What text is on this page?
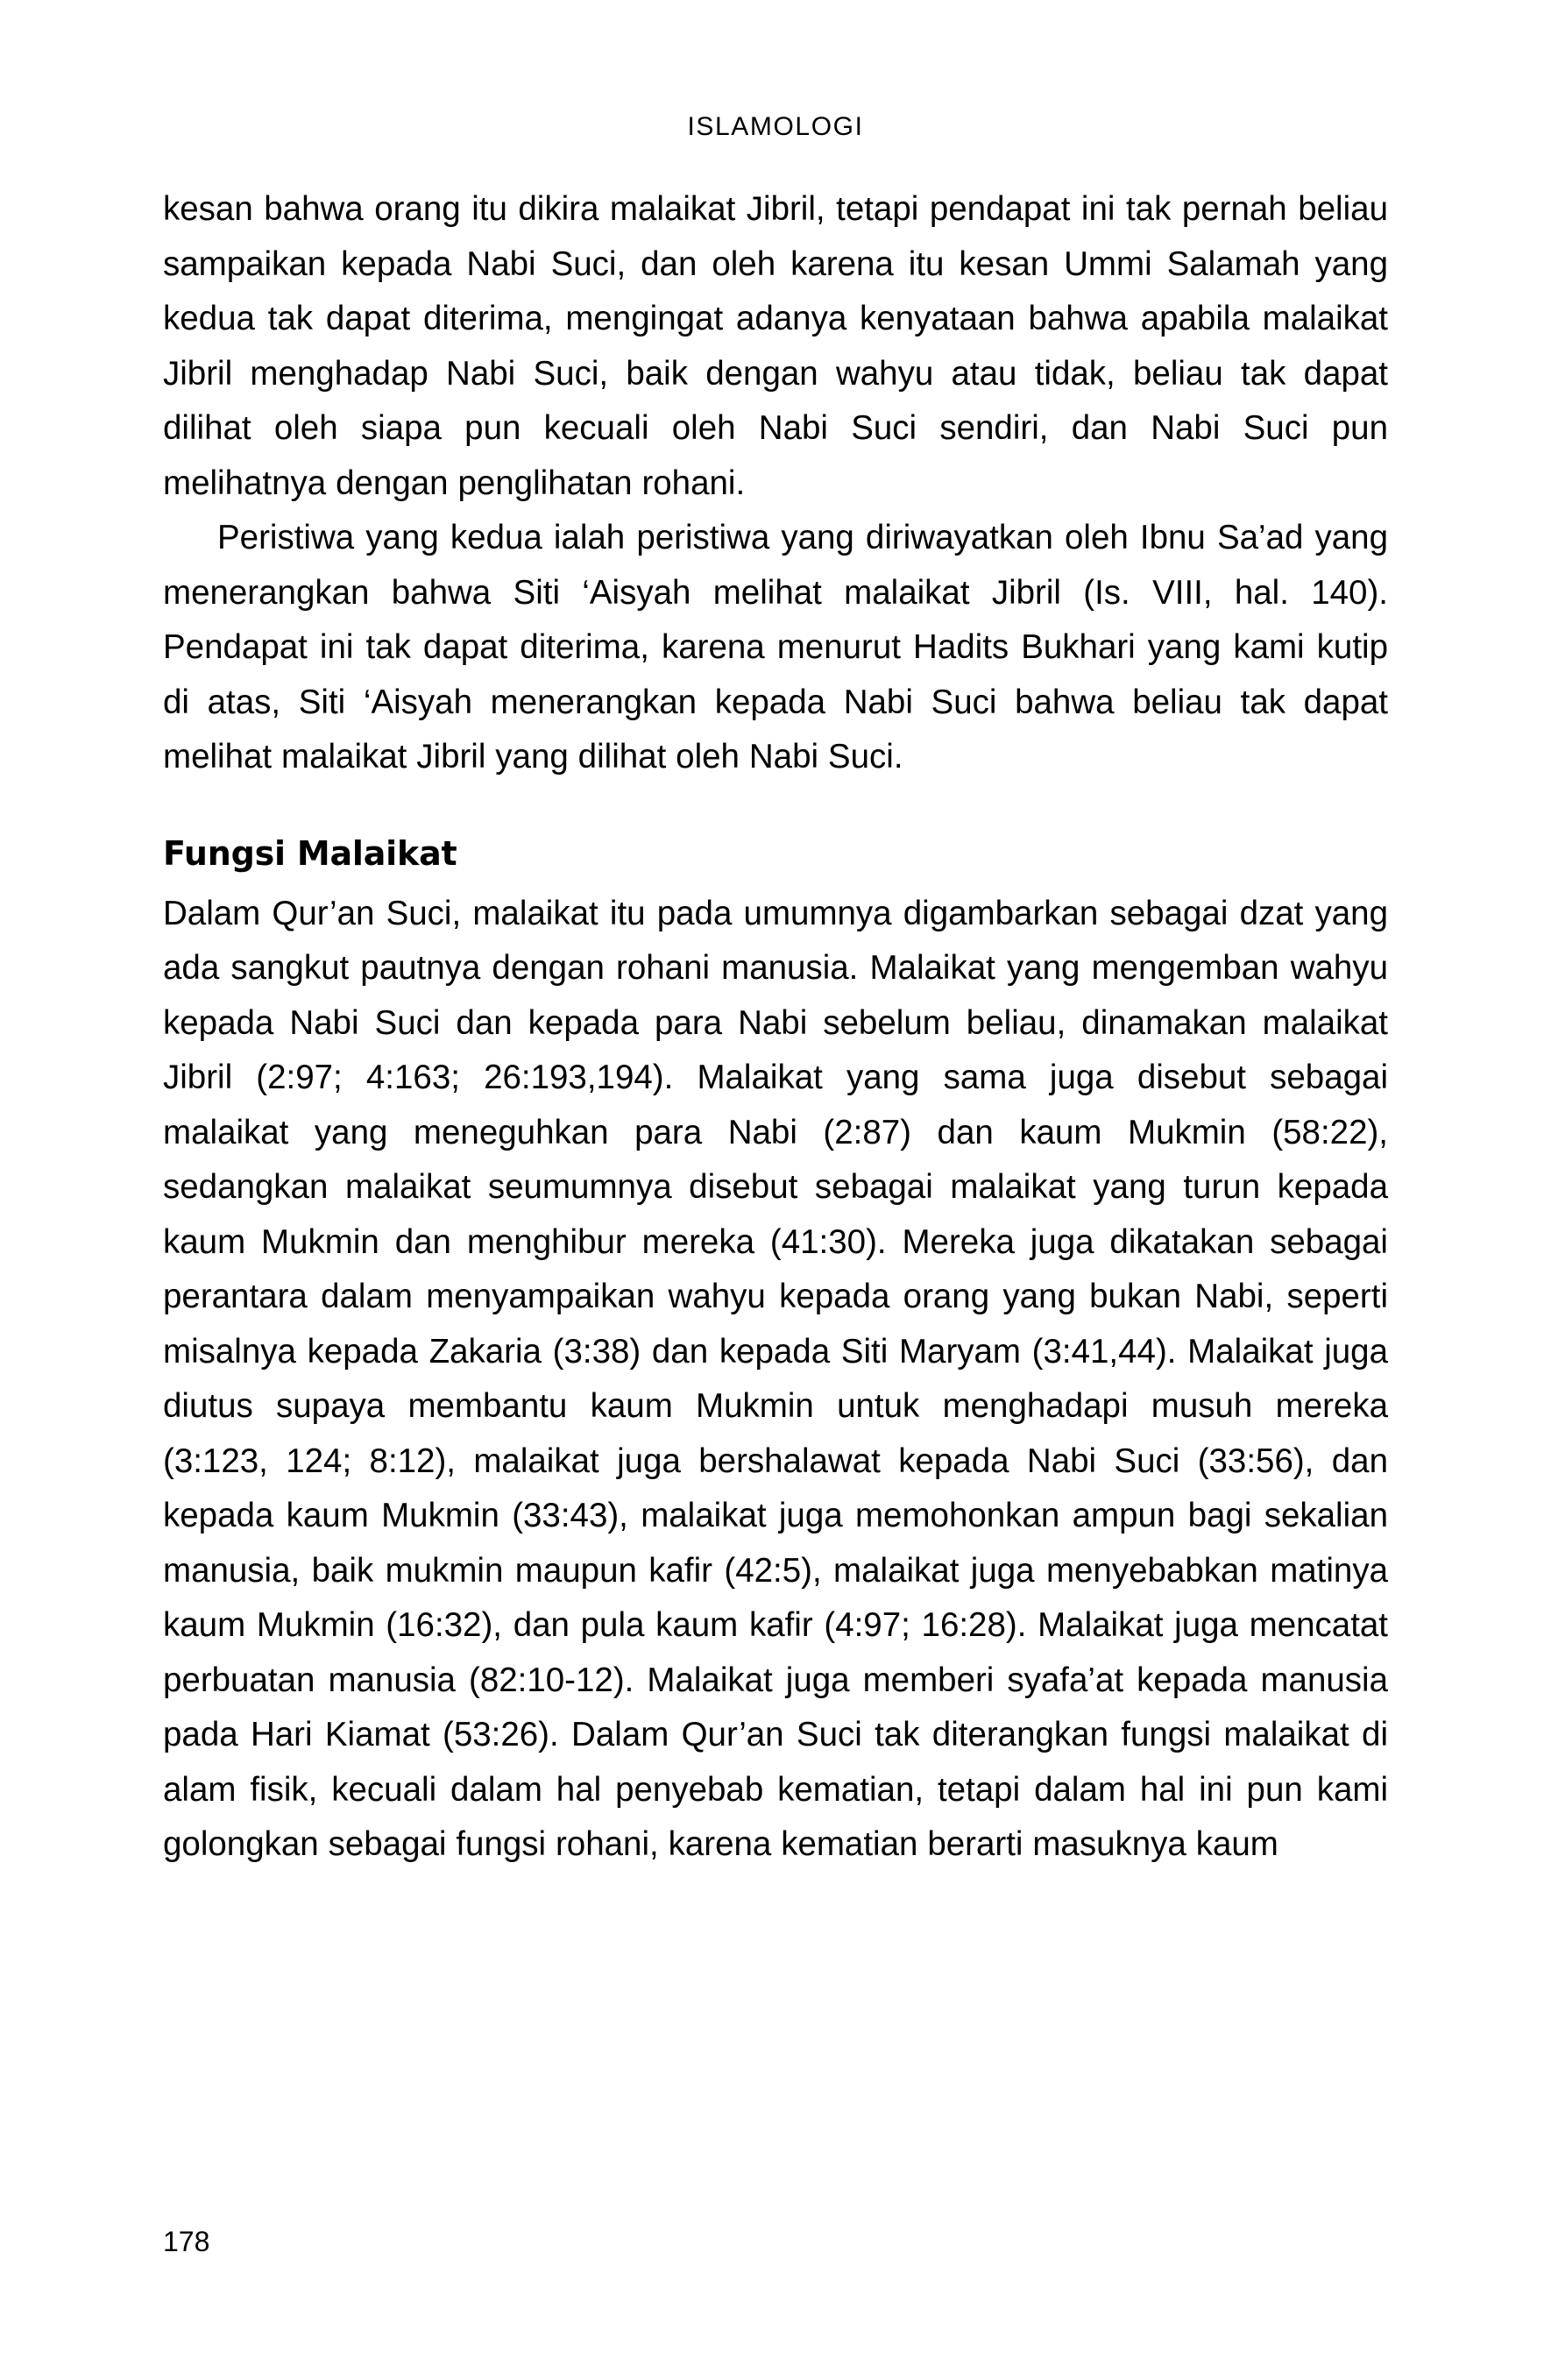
ISLAMOLOGI

kesan bahwa orang itu dikira malaikat Jibril, tetapi pendapat ini tak pernah beliau sampaikan kepada Nabi Suci, dan oleh karena itu kesan Ummi Salamah yang kedua tak dapat diterima, mengingat adanya kenyataan bahwa apabila malaikat Jibril menghadap Nabi Suci, baik dengan wahyu atau tidak, beliau tak dapat dilihat oleh siapa pun kecuali oleh Nabi Suci sendiri, dan Nabi Suci pun melihatnya dengan penglihatan rohani.

Peristiwa yang kedua ialah peristiwa yang diriwayatkan oleh Ibnu Sa’ad yang menerangkan bahwa Siti ‘Aisyah melihat malaikat Jibril (Is. VIII, hal. 140). Pendapat ini tak dapat diterima, karena menurut Hadits Bukhari yang kami kutip di atas, Siti ‘Aisyah menerangkan kepada Nabi Suci bahwa beliau tak dapat melihat malaikat Jibril yang dilihat oleh Nabi Suci.

Fungsi Malaikat

Dalam Qur’an Suci, malaikat itu pada umumnya digambarkan sebagai dzat yang ada sangkut pautnya dengan rohani manusia. Malaikat yang mengemban wahyu kepada Nabi Suci dan kepada para Nabi sebelum beliau, dinamakan malaikat Jibril (2:97; 4:163; 26:193,194). Malaikat yang sama juga disebut sebagai malaikat yang meneguhkan para Nabi (2:87) dan kaum Mukmin (58:22), sedangkan malaikat seumumnya disebut sebagai malaikat yang turun kepada kaum Mukmin dan menghibur mereka (41:30). Mereka juga dikatakan sebagai perantara dalam menyampaikan wahyu kepada orang yang bukan Nabi, seperti misalnya kepada Zakaria (3:38) dan kepada Siti Maryam (3:41,44). Malaikat juga diutus supaya membantu kaum Mukmin untuk menghadapi musuh mereka (3:123, 124; 8:12), malaikat juga bershalawat kepada Nabi Suci (33:56), dan kepada kaum Mukmin (33:43), malaikat juga memohonkan ampun bagi sekalian manusia, baik mukmin maupun kafir (42:5), malaikat juga menyebabkan matinya kaum Mukmin (16:32), dan pula kaum kafir (4:97; 16:28). Malaikat juga mencatat perbuatan manusia (82:10-12). Malaikat juga memberi syafa’at kepada manusia pada Hari Kiamat (53:26). Dalam Qur’an Suci tak diterangkan fungsi malaikat di alam fisik, kecuali dalam hal penyebab kematian, tetapi dalam hal ini pun kami golongkan sebagai fungsi rohani, karena kematian berarti masuknya kaum

178
